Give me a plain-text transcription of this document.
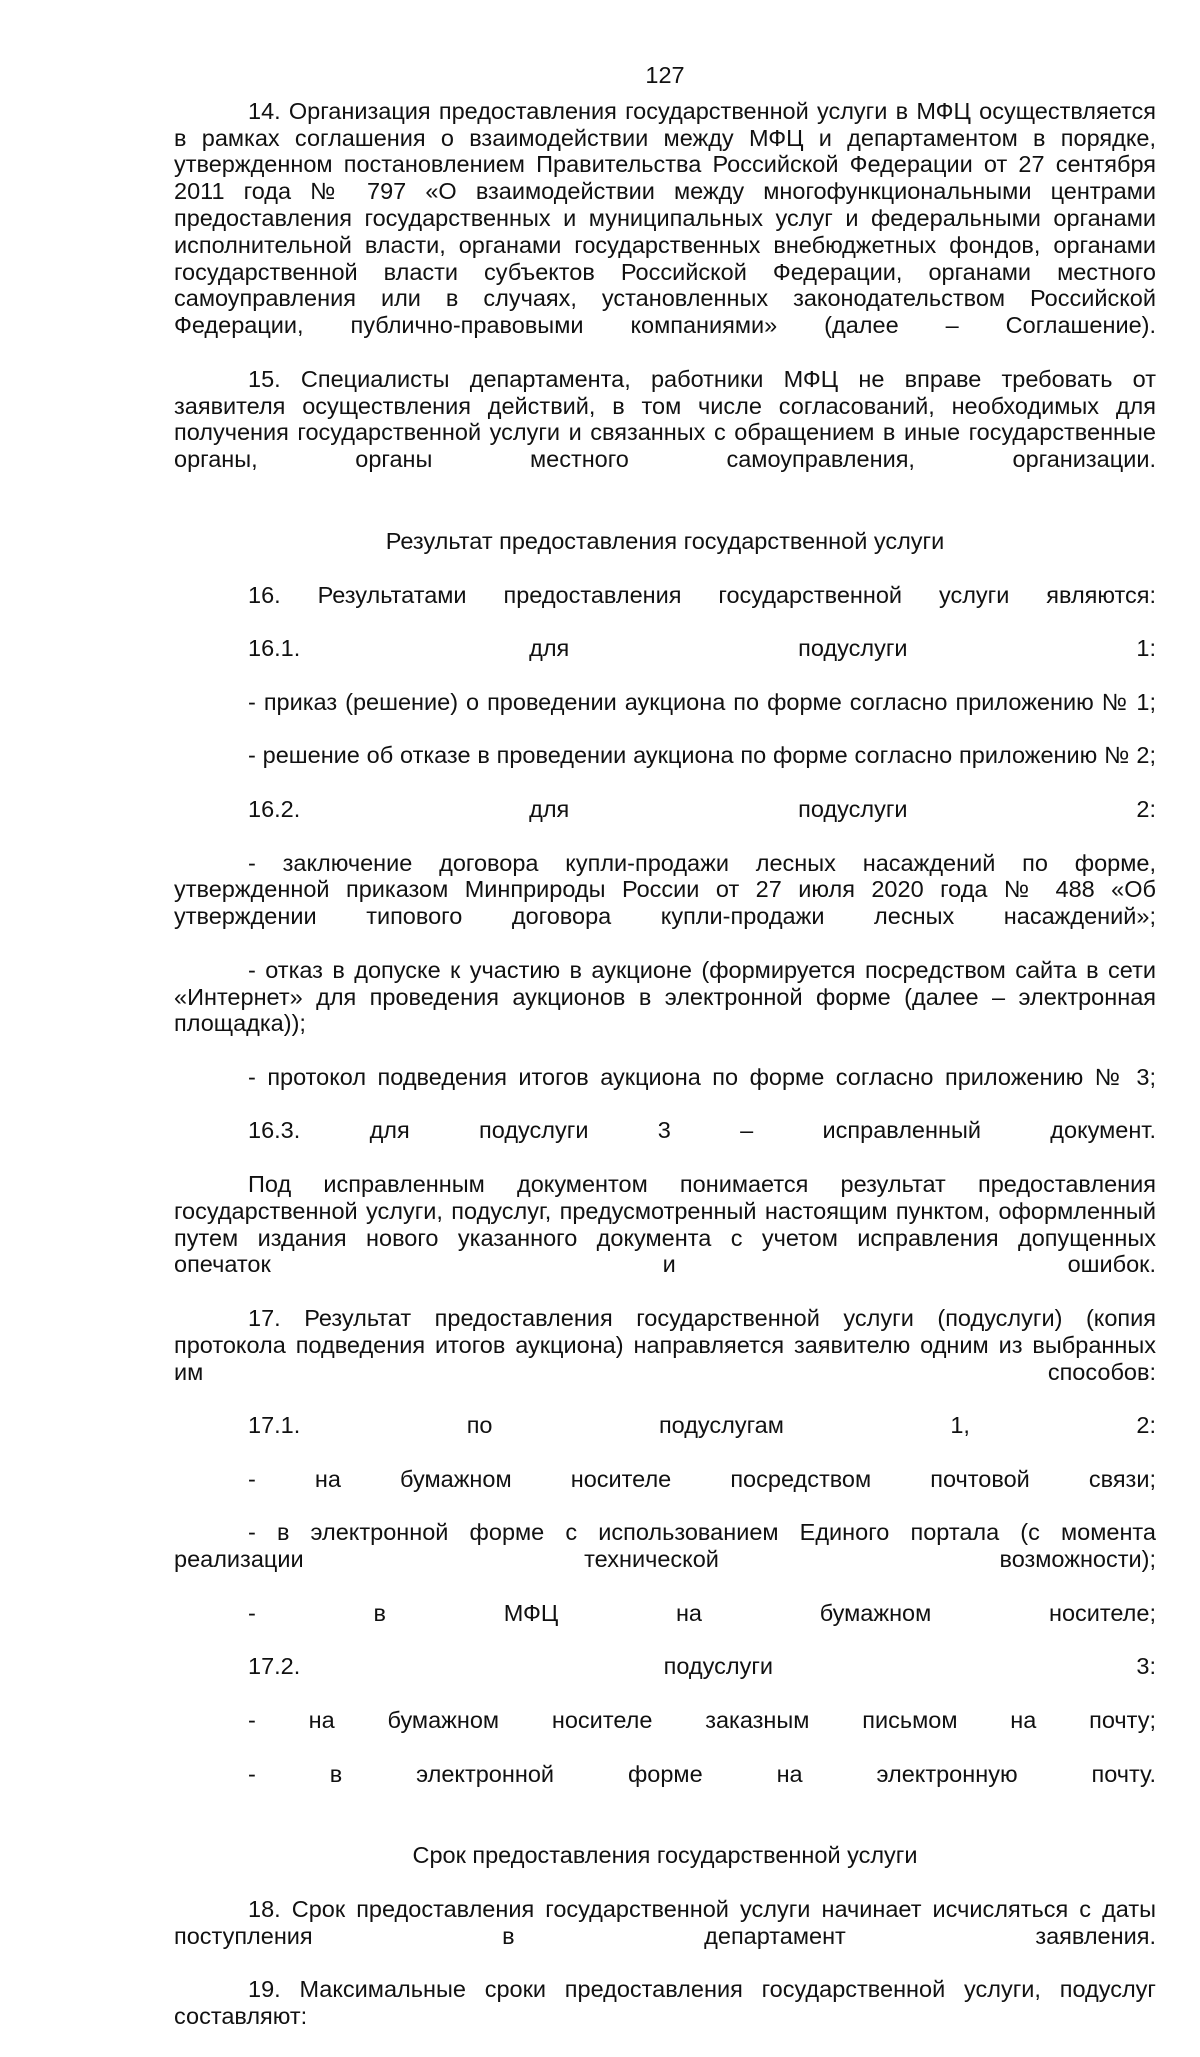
127

14. Организация предоставления государственной услуги в МФЦ осуществляется в рамках соглашения о взаимодействии между МФЦ и департаментом в порядке, утвержденном постановлением Правительства Российской Федерации от 27 сентября 2011 года № 797 «О взаимодействии между многофункциональными центрами предоставления государственных и муниципальных услуг и федеральными органами исполнительной власти, органами государственных внебюджетных фондов, органами государственной власти субъектов Российской Федерации, органами местного самоуправления или в случаях, установленных законодательством Российской Федерации, публично-правовыми компаниями» (далее – Соглашение).

15. Специалисты департамента, работники МФЦ не вправе требовать от заявителя осуществления действий, в том числе согласований, необходимых для получения государственной услуги и связанных с обращением в иные государственные органы, органы местного самоуправления, организации.

Результат предоставления государственной услуги

16. Результатами предоставления государственной услуги являются:

16.1. для подуслуги 1:

- приказ (решение) о проведении аукциона по форме согласно приложению № 1;

- решение об отказе в проведении аукциона по форме согласно приложению № 2;

16.2. для подуслуги 2:

- заключение договора купли-продажи лесных насаждений по форме, утвержденной приказом Минприроды России от 27 июля 2020 года № 488 «Об утверждении типового договора купли-продажи лесных насаждений»;

- отказ в допуске к участию в аукционе (формируется посредством сайта в сети «Интернет» для проведения аукционов в электронной форме (далее – электронная площадка));

- протокол подведения итогов аукциона по форме согласно приложению № 3;

16.3. для подуслуги 3 – исправленный документ.

Под исправленным документом понимается результат предоставления государственной услуги, подуслуг, предусмотренный настоящим пунктом, оформленный путем издания нового указанного документа с учетом исправления допущенных опечаток и ошибок.

17. Результат предоставления государственной услуги (подуслуги) (копия протокола подведения итогов аукциона) направляется заявителю одним из выбранных им способов:

17.1. по подуслугам 1, 2:

- на бумажном носителе посредством почтовой связи;

- в электронной форме с использованием Единого портала (с момента реализации технической возможности);

- в МФЦ на бумажном носителе;

17.2. подуслуги 3:

- на бумажном носителе заказным письмом на почту;

- в электронной форме на электронную почту.

Срок предоставления государственной услуги

18. Срок предоставления государственной услуги начинает исчисляться с даты поступления в департамент заявления.

19. Максимальные сроки предоставления государственной услуги, подуслуг составляют:
